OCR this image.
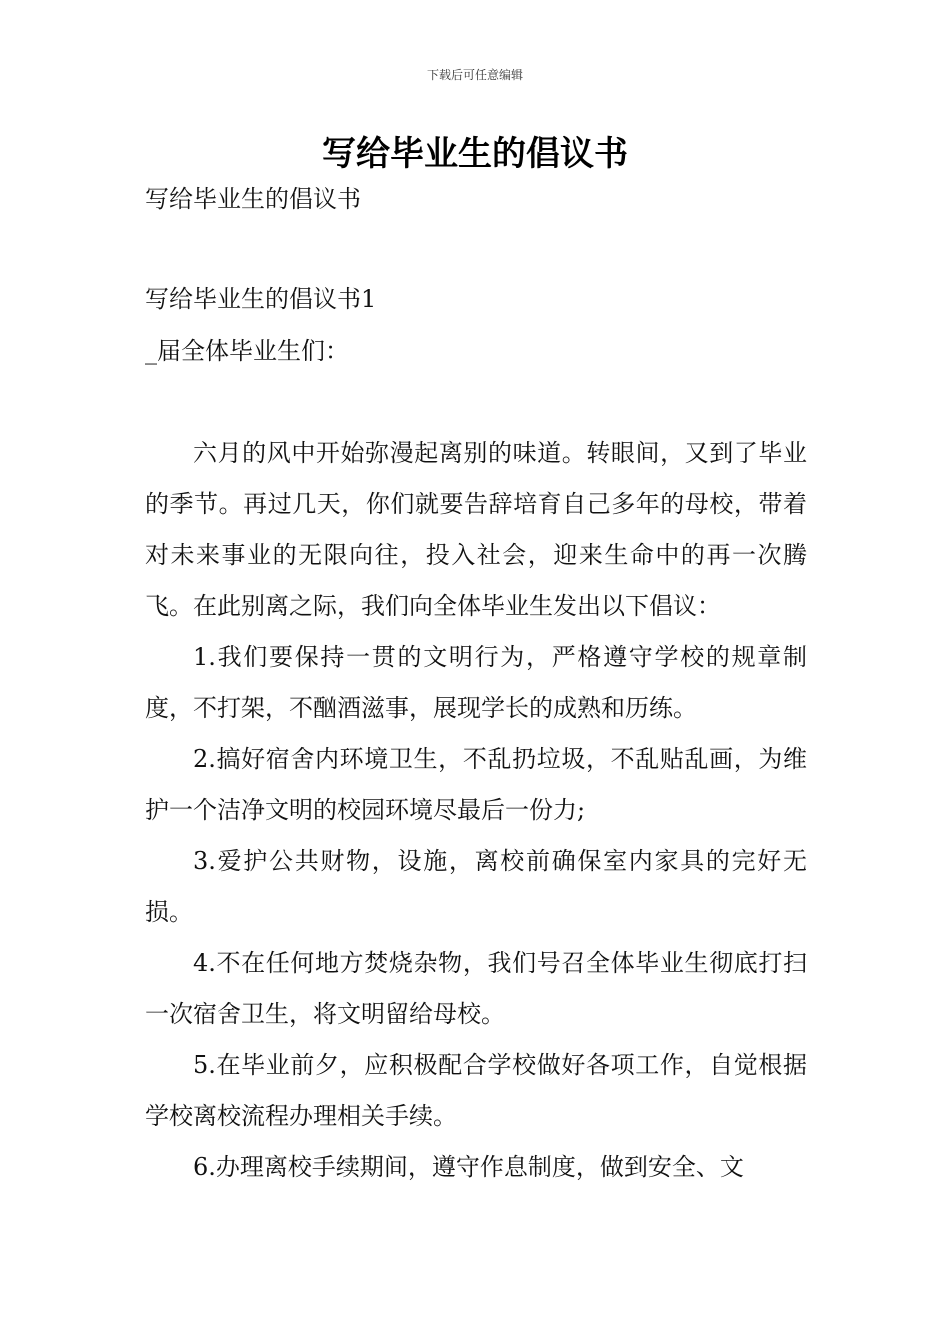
下载后可任意编辑
写给毕业生的倡议书
写给毕业生的倡议书
写给毕业生的倡议书1
_届全体毕业生们：

六月的风中开始弥漫起离别的味道。转眼间，又到了毕业的季节。再过几天，你们就要告辞培育自己多年的母校，带着对未来事业的无限向往，投入社会，迎来生命中的再一次腾飞。在此别离之际，我们向全体毕业生发出以下倡议：

1.我们要保持一贯的文明行为，严格遵守学校的规章制度，不打架，不酗酒滋事，展现学长的成熟和历练。

2.搞好宿舍内环境卫生，不乱扔垃圾，不乱贴乱画，为维护一个洁净文明的校园环境尽最后一份力;

3.爱护公共财物，设施，离校前确保室内家具的完好无损。

4.不在任何地方焚烧杂物，我们号召全体毕业生彻底打扫一次宿舍卫生，将文明留给母校。

5.在毕业前夕，应积极配合学校做好各项工作，自觉根据学校离校流程办理相关手续。

6.办理离校手续期间，遵守作息制度，做到安全、文
